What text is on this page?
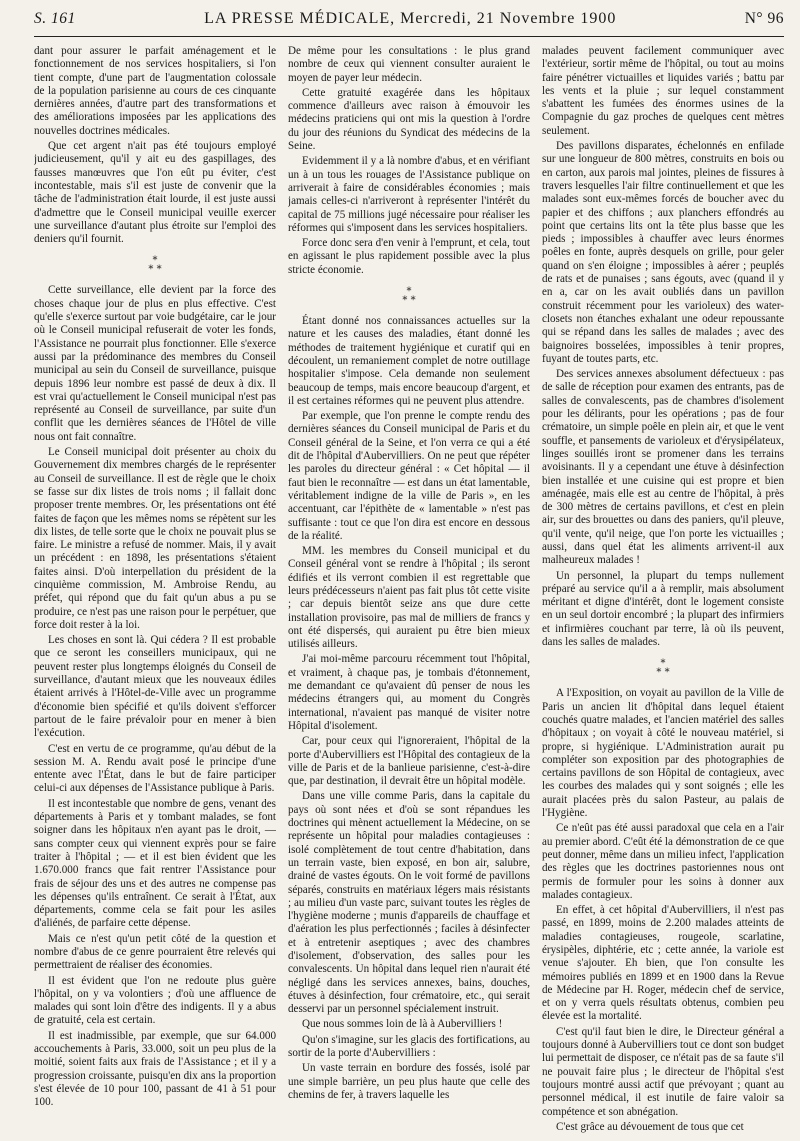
S. 161	LA PRESSE MÉDICALE, Mercredi, 21 Novembre 1900	N° 96

dant pour assurer le parfait aménagement et le fonctionnement de nos services hospitaliers, si l'on tient compte, d'une part de l'augmentation colossale de la population parisienne au cours de ces cinquante dernières années, d'autre part des transformations et des améliorations imposées par les applications des nouvelles doctrines médicales.

Que cet argent n'ait pas été toujours employé judicieusement, qu'il y ait eu des gaspillages, des fausses manœuvres que l'on eût pu éviter, c'est incontestable, mais s'il est juste de convenir que la tâche de l'administration était lourde, il est juste aussi d'admettre que le Conseil municipal veuille exercer une surveillance d'autant plus étroite sur l'emploi des deniers qu'il fournit.

*
* *

Cette surveillance, elle devient par la force des choses chaque jour de plus en plus effective. C'est qu'elle s'exerce surtout par voie budgétaire, car le jour où le Conseil municipal refuserait de voter les fonds, l'Assistance ne pourrait plus fonctionner. Elle s'exerce aussi par la prédominance des membres du Conseil municipal au sein du Conseil de surveillance, puisque depuis 1896 leur nombre est passé de deux à dix. Il est vrai qu'actuellement le Conseil municipal n'est pas représenté au Conseil de surveillance, par suite d'un conflit que les dernières séances de l'Hôtel de ville nous ont fait connaître.

Le Conseil municipal doit présenter au choix du Gouvernement dix membres chargés de le représenter au Conseil de surveillance. Il est de règle que le choix se fasse sur dix listes de trois noms ; il fallait donc proposer trente membres. Or, les présentations ont été faites de façon que les mêmes noms se répètent sur les dix listes, de telle sorte que le choix ne pouvait plus se faire. Le ministre a refusé de nommer. Mais, il y avait un précédent : en 1898, les présentations s'étaient faites ainsi. D'où interpellation du président de la cinquième commission, M. Ambroise Rendu, au préfet, qui répond que du fait qu'un abus a pu se produire, ce n'est pas une raison pour le perpétuer, que force doit rester à la loi.

Les choses en sont là. Qui cédera ? Il est probable que ce seront les conseillers municipaux, qui ne peuvent rester plus longtemps éloignés du Conseil de surveillance, d'autant mieux que les nouveaux édiles étaient arrivés à l'Hôtel-de-Ville avec un programme d'économie bien spécifié et qu'ils doivent s'efforcer partout de le faire prévaloir pour en mener à bien l'exécution.

C'est en vertu de ce programme, qu'au début de la session M. A. Rendu avait posé le principe d'une entente avec l'État, dans le but de faire participer celui-ci aux dépenses de l'Assistance publique à Paris.

Il est incontestable que nombre de gens, venant des départements à Paris et y tombant malades, se font soigner dans les hôpitaux n'en ayant pas le droit, — sans compter ceux qui viennent exprès pour se faire traiter à l'hôpital ; — et il est bien évident que les 1.670.000 francs que fait rentrer l'Assistance pour frais de séjour des uns et des autres ne compense pas les dépenses qu'ils entraînent. Ce serait à l'État, aux départements, comme cela se fait pour les asiles d'aliénés, de parfaire cette dépense.

Mais ce n'est qu'un petit côté de la question et nombre d'abus de ce genre pourraient être relevés qui permettraient de réaliser des économies.

Il est évident que l'on ne redoute plus guère l'hôpital, on y va volontiers ; d'où une affluence de malades qui sont loin d'être des indigents. Il y a abus de gratuité, cela est certain.

Il est inadmissible, par exemple, que sur 64.000 accouchements à Paris, 33.000, soit un peu plus de la moitié, soient faits aux frais de l'Assistance ; et il y a progression croissante, puisqu'en dix ans la proportion s'est élevée de 10 pour 100, passant de 41 à 51 pour 100.

De même pour les consultations : le plus grand nombre de ceux qui viennent consulter auraient le moyen de payer leur médecin.

Cette gratuité exagérée dans les hôpitaux commence d'ailleurs avec raison à émouvoir les médecins praticiens qui ont mis la question à l'ordre du jour des réunions du Syndicat des médecins de la Seine.

Evidemment il y a là nombre d'abus, et en vérifiant un à un tous les rouages de l'Assistance publique on arriverait à faire de considérables économies ; mais jamais celles-ci n'arriveront à représenter l'intérêt du capital de 75 millions jugé nécessaire pour réaliser les réformes qui s'imposent dans les services hospitaliers.

Force donc sera d'en venir à l'emprunt, et cela, tout en agissant le plus rapidement possible avec la plus stricte économie.

*
* *

Étant donné nos connaissances actuelles sur la nature et les causes des maladies, étant donné les méthodes de traitement hygiénique et curatif qui en découlent, un remaniement complet de notre outillage hospitalier s'impose. Cela demande non seulement beaucoup de temps, mais encore beaucoup d'argent, et il est certaines réformes qui ne peuvent plus attendre.

Par exemple, que l'on prenne le compte rendu des dernières séances du Conseil municipal de Paris et du Conseil général de la Seine, et l'on verra ce qui a été dit de l'hôpital d'Aubervilliers. On ne peut que répéter les paroles du directeur général : « Cet hôpital — il faut bien le reconnaître — est dans un état lamentable, véritablement indigne de la ville de Paris », en les accentuant, car l'épithète de « lamentable » n'est pas suffisante : tout ce que l'on dira est encore en dessous de la réalité.

MM. les membres du Conseil municipal et du Conseil général vont se rendre à l'hôpital ; ils seront édifiés et ils verront combien il est regrettable que leurs prédécesseurs n'aient pas fait plus tôt cette visite ; car depuis bientôt seize ans que dure cette installation provisoire, pas mal de milliers de francs y ont été dispersés, qui auraient pu être bien mieux utilisés ailleurs.

J'ai moi-même parcouru récemment tout l'hôpital, et vraiment, à chaque pas, je tombais d'étonnement, me demandant ce qu'avaient dû penser de nous les médecins étrangers qui, au moment du Congrès international, n'avaient pas manqué de visiter notre Hôpital d'isolement.

Car, pour ceux qui l'ignoreraient, l'hôpital de la porte d'Aubervilliers est l'Hôpital des contagieux de la ville de Paris et de la banlieue parisienne, c'est-à-dire que, par destination, il devrait être un hôpital modèle.

Dans une ville comme Paris, dans la capitale du pays où sont nées et d'où se sont répandues les doctrines qui mènent actuellement la Médecine, on se représente un hôpital pour maladies contagieuses : isolé complètement de tout centre d'habitation, dans un terrain vaste, bien exposé, en bon air, salubre, drainé de vastes égouts. On le voit formé de pavillons séparés, construits en matériaux légers mais résistants ; au milieu d'un vaste parc, suivant toutes les règles de l'hygiène moderne ; munis d'appareils de chauffage et d'aération les plus perfectionnés ; faciles à désinfecter et à entretenir aseptiques ; avec des chambres d'isolement, d'observation, des salles pour les convalescents. Un hôpital dans lequel rien n'aurait été négligé dans les services annexes, bains, douches, étuves à désinfection, four crématoire, etc., qui serait desservi par un personnel spécialement instruit.

Que nous sommes loin de là à Aubervilliers !

Qu'on s'imagine, sur les glacis des fortifications, au sortir de la porte d'Aubervilliers :

Un vaste terrain en bordure des fossés, isolé par une simple barrière, un peu plus haute que celle des chemins de fer, à travers laquelle les

malades peuvent facilement communiquer avec l'extérieur, sortir même de l'hôpital, ou tout au moins faire pénétrer victuailles et liquides variés ; battu par les vents et la pluie ; sur lequel constamment s'abattent les fumées des énormes usines de la Compagnie du gaz proches de quelques cent mètres seulement.

Des pavillons disparates, échelonnés en enfilade sur une longueur de 800 mètres, construits en bois ou en carton, aux parois mal jointes, pleines de fissures à travers lesquelles l'air filtre continuellement et que les malades sont eux-mêmes forcés de boucher avec du papier et des chiffons ; aux planchers effondrés au point que certains lits ont la tête plus basse que les pieds ; impossibles à chauffer avec leurs énormes poêles en fonte, auprès desquels on grille, pour geler quand on s'en éloigne ; impossibles à aérer ; peuplés de rats et de punaises ; sans égouts, avec (quand il y en a, car on les avait oubliés dans un pavillon construit récemment pour les varioleux) des water-closets non étanches exhalant une odeur repoussante qui se répand dans les salles de malades ; avec des baignoires bosselées, impossibles à tenir propres, fuyant de toutes parts, etc.

Des services annexes absolument défectueux : pas de salle de réception pour examen des entrants, pas de salles de convalescents, pas de chambres d'isolement pour les délirants, pour les opérations ; pas de four crématoire, un simple poêle en plein air, et que le vent souffle, et pansements de varioleux et d'érysipélateux, linges souillés iront se promener dans les terrains avoisinants. Il y a cependant une étuve à désinfection bien installée et une cuisine qui est propre et bien aménagée, mais elle est au centre de l'hôpital, à près de 300 mètres de certains pavillons, et c'est en plein air, sur des brouettes ou dans des paniers, qu'il pleuve, qu'il vente, qu'il neige, que l'on porte les victuailles ; aussi, dans quel état les aliments arrivent-il aux malheureux malades !

Un personnel, la plupart du temps nullement préparé au service qu'il a à remplir, mais absolument méritant et digne d'intérêt, dont le logement consiste en un seul dortoir encombré ; la plupart des infirmiers et infirmières couchant par terre, là où ils peuvent, dans les salles de malades.

*
* *

A l'Exposition, on voyait au pavillon de la Ville de Paris un ancien lit d'hôpital dans lequel étaient couchés quatre malades, et l'ancien matériel des salles d'hôpitaux ; on voyait à côté le nouveau matériel, si propre, si hygiénique. L'Administration aurait pu compléter son exposition par des photographies de certains pavillons de son Hôpital de contagieux, avec les courbes des malades qui y sont soignés ; elle les aurait placées près du salon Pasteur, au palais de l'Hygiène.

Ce n'eût pas été aussi paradoxal que cela en a l'air au premier abord. C'eût été la démonstration de ce que peut donner, même dans un milieu infect, l'application des règles que les doctrines pastoriennes nous ont permis de formuler pour les soins à donner aux malades contagieux.

En effet, à cet hôpital d'Aubervilliers, il n'est pas passé, en 1899, moins de 2.200 malades atteints de maladies contagieuses, rougeole, scarlatine, érysipèles, diphtérie, etc ; cette année, la variole est venue s'ajouter. Eh bien, que l'on consulte les mémoires publiés en 1899 et en 1900 dans la Revue de Médecine par H. Roger, médecin chef de service, et on y verra quels résultats obtenus, combien peu élevée est la mortalité.

C'est qu'il faut bien le dire, le Directeur général a toujours donné à Aubervilliers tout ce dont son budget lui permettait de disposer, ce n'était pas de sa faute s'il ne pouvait faire plus ; le directeur de l'hôpital s'est toujours montré aussi actif que prévoyant ; quant au personnel médical, il est inutile de faire valoir sa compétence et son abnégation.

C'est grâce au dévouement de tous que cet
